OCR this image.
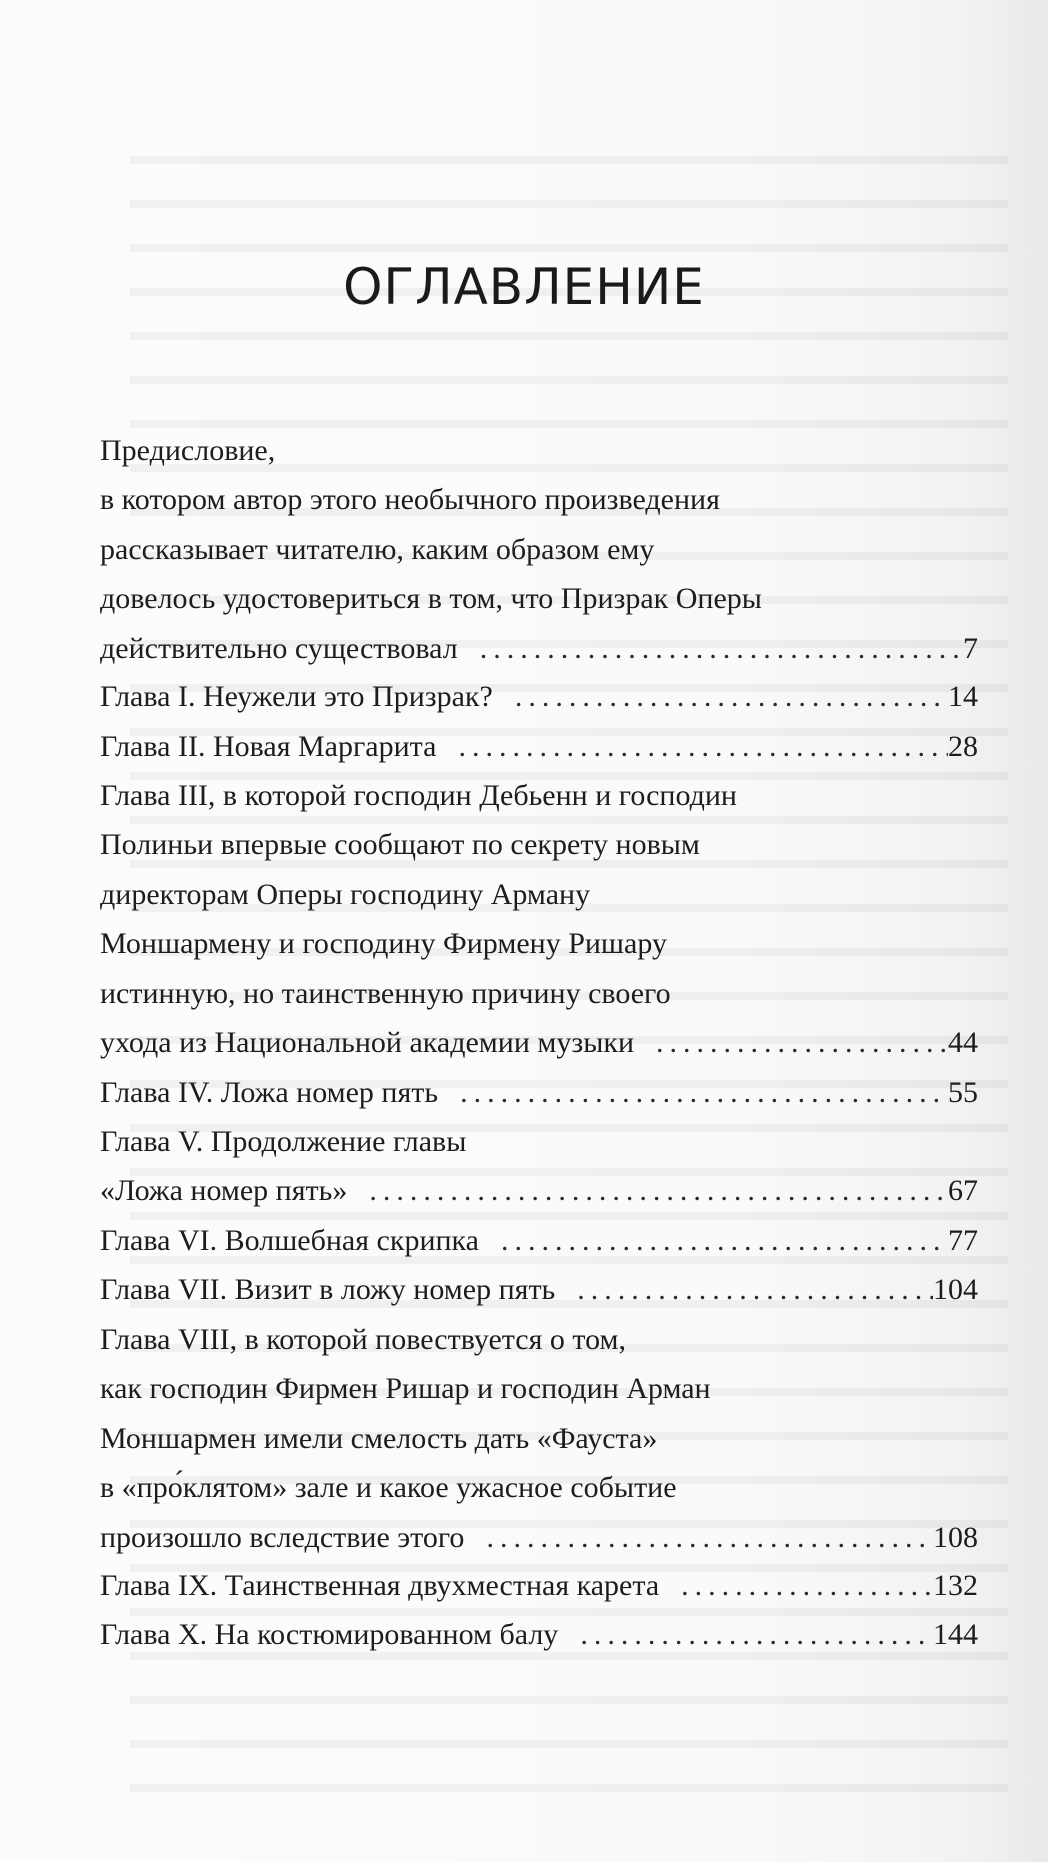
ОГЛАВЛЕНИЕ
Предисловие,
в котором автор этого необычного произведения
рассказывает читателю, каким образом ему
довелось удостовериться в том, что Призрак Оперы
действительно существовал .....	7
Глава I. Неужели это Призрак? .....	14
Глава II. Новая Маргарита .....	28
Глава III, в которой господин Дебьенн и господин
Полиньи впервые сообщают по секрету новым
директорам Оперы господину Арману
Моншармену и господину Фирмену Ришару
истинную, но таинственную причину своего
ухода из Национальной академии музыки .....	44
Глава IV. Ложа номер пять .....	55
Глава V. Продолжение главы
«Ложа номер пять» .....	67
Глава VI. Волшебная скрипка .....	77
Глава VII. Визит в ложу номер пять .....	104
Глава VIII, в которой повествуется о том,
как господин Фирмен Ришар и господин Арман
Моншармен имели смелость дать «Фауста»
в «про́клятом» зале и какое ужасное событие
произошло вследствие этого .....	108
Глава IX. Таинственная двухместная карета .....	132
Глава X. На костюмированном балу .....	144
